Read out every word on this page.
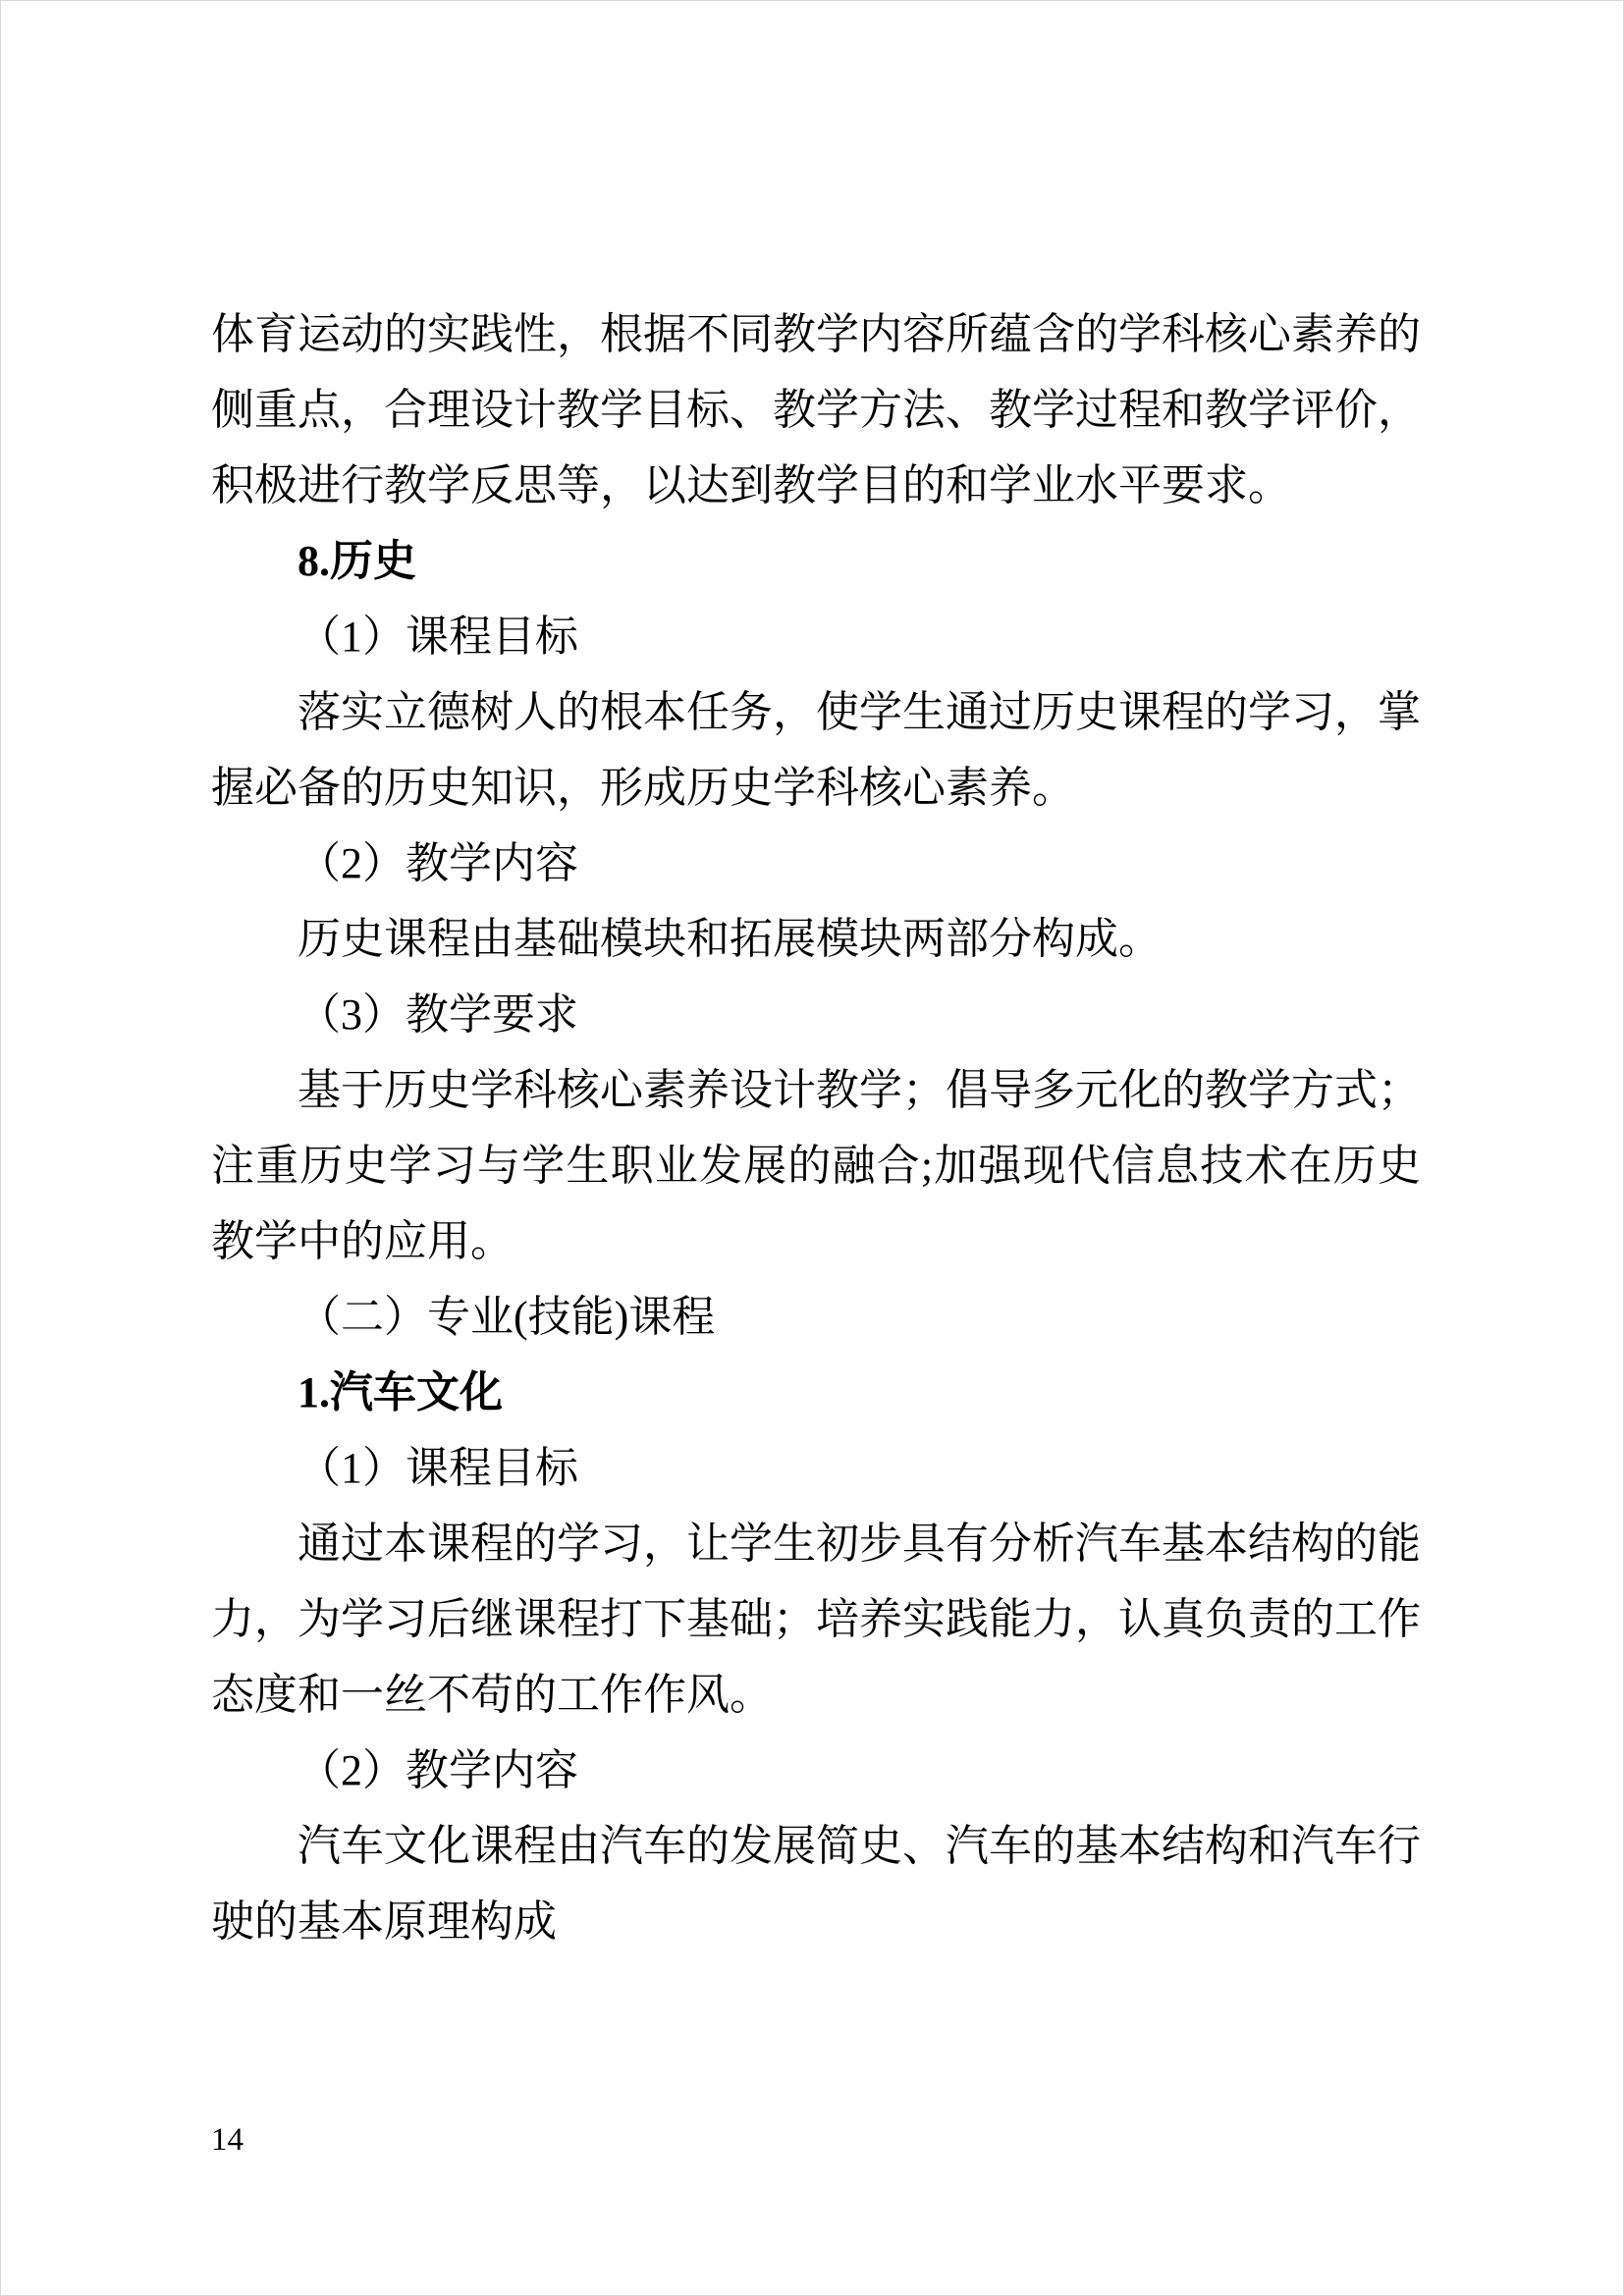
体育运动的实践性，根据不同教学内容所蕴含的学科核心素养的侧重点，合理设计教学目标、教学方法、教学过程和教学评价，积极进行教学反思等，以达到教学目的和学业水平要求。

8.历史

（1）课程目标

落实立德树人的根本任务，使学生通过历史课程的学习，掌握必备的历史知识，形成历史学科核心素养。

（2）教学内容

历史课程由基础模块和拓展模块两部分构成。

（3）教学要求

基于历史学科核心素养设计教学；倡导多元化的教学方式；注重历史学习与学生职业发展的融合;加强现代信息技术在历史教学中的应用。

（二）专业(技能)课程

1.汽车文化

（1）课程目标

通过本课程的学习，让学生初步具有分析汽车基本结构的能力，为学习后继课程打下基础；培养实践能力，认真负责的工作态度和一丝不苟的工作作风。

（2）教学内容

汽车文化课程由汽车的发展简史、汽车的基本结构和汽车行驶的基本原理构成

14
